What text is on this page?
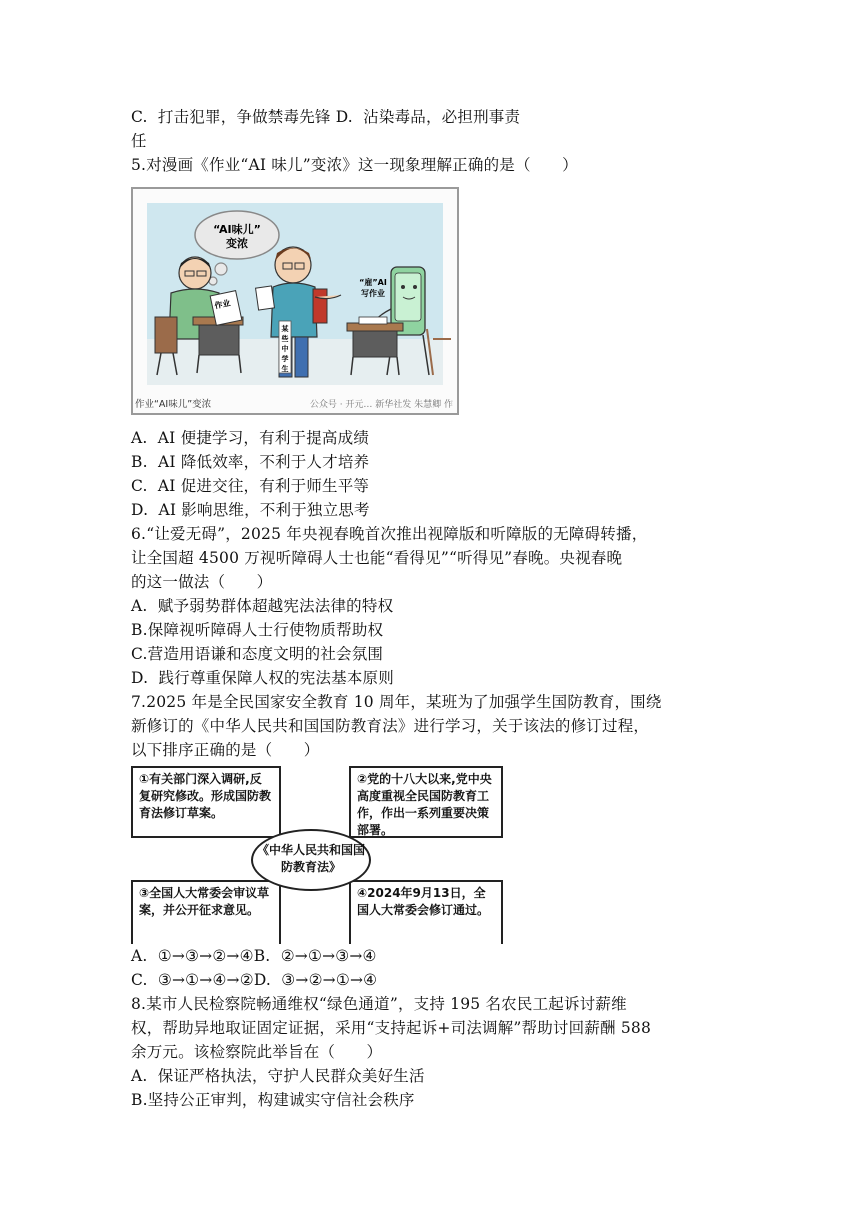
C.  打击犯罪，争做禁毒先锋 D.  沾染毒品，必担刑事责
任
5.对漫画《作业“AI 味儿”变浓》这一现象理解正确的是（　　）
“AI味儿”
变浓
作业
某
些
中
学
生
“雇”AI
写作业
作业“AI味儿”变浓	公众号 · 开元… 新华社发 朱慧卿 作
A.  AI 便捷学习，有利于提高成绩
B.  AI 降低效率，不利于人才培养
C.  AI 促进交往，有利于师生平等
D.  AI 影响思维，不利于独立思考
6.“让爱无碍”，2025 年央视春晚首次推出视障版和听障版的无障碍转播，
让全国超 4500 万视听障碍人士也能“看得见”“听得见”春晚。央视春晚
的这一做法（　　）
A.  赋予弱势群体超越宪法法律的特权
B.保障视听障碍人士行使物质帮助权
C.营造用语谦和态度文明的社会氛围
D.  践行尊重保障人权的宪法基本原则
7.2025 年是全民国家安全教育 10 周年，某班为了加强学生国防教育，围绕
新修订的《中华人民共和国国防教育法》进行学习，关于该法的修订过程，
以下排序正确的是（　　）
①有关部门深入调研,反复研究修改。形成国防教育法修订草案。
②党的十八大以来,党中央高度重视全民国防教育工作，作出一系列重要决策部署。
③全国人大常委会审议草案，并公开征求意见。
④2024年9月13日，全国人大常委会修订通过。
《中华人民共和国国防教育法》
A.  ①→③→②→④B.  ②→①→③→④
C.  ③→①→④→②D.  ③→②→①→④
8.某市人民检察院畅通维权“绿色通道”，支持 195 名农民工起诉讨薪维
权，帮助异地取证固定证据，采用“支持起诉+司法调解”帮助讨回薪酬 588
余万元。该检察院此举旨在（　　）
A.  保证严格执法，守护人民群众美好生活
B.坚持公正审判，构建诚实守信社会秩序
